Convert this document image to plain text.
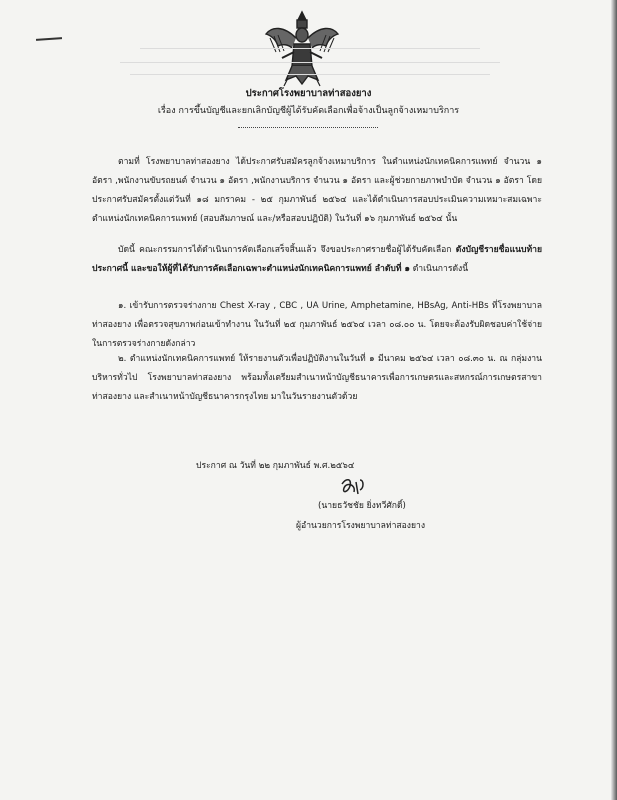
ประกาศโรงพยาบาลท่าสองยาง
เรื่อง การขึ้นบัญชีและยกเลิกบัญชีผู้ได้รับคัดเลือกเพื่อจ้างเป็นลูกจ้างเหมาบริการ
ตามที่ โรงพยาบาลท่าสองยาง ได้ประกาศรับสมัครลูกจ้างเหมาบริการ ในตำแหน่งนักเทคนิคการแพทย์ จำนวน ๑ อัตรา ,พนักงานขับรถยนต์ จำนวน ๑ อัตรา ,พนักงานบริการ จำนวน ๑ อัตรา และผู้ช่วยกายภาพบำบัด จำนวน ๑ อัตรา โดยประกาศรับสมัครตั้งแต่วันที่ ๑๘ มกราคม - ๒๕ กุมภาพันธ์ ๒๕๖๔ และได้ดำเนินการสอบประเมินความเหมาะสมเฉพาะตำแหน่งนักเทคนิคการแพทย์ (สอบสัมภาษณ์ และ/หรือสอบปฏิบัติ) ในวันที่ ๑๖ กุมภาพันธ์ ๒๕๖๔ นั้น
บัดนี้ คณะกรรมการได้ดำเนินการคัดเลือกเสร็จสิ้นแล้ว จึงขอประกาศรายชื่อผู้ได้รับคัดเลือก ดังบัญชีรายชื่อแนบท้ายประกาศนี้ และขอให้ผู้ที่ได้รับการคัดเลือกเฉพาะตำแหน่งนักเทคนิคการแพทย์ ลำดับที่ ๑ ดำเนินการดังนี้
๑. เข้ารับการตรวจร่างกาย Chest X-ray , CBC , UA Urine, Amphetamine, HBsAg, Anti-HBs ที่โรงพยาบาลท่าสองยาง เพื่อตรวจสุขภาพก่อนเข้าทำงาน ในวันที่ ๒๕ กุมภาพันธ์ ๒๕๖๔ เวลา ๐๘.๐๐ น. โดยจะต้องรับผิดชอบค่าใช้จ่ายในการตรวจร่างกายดังกล่าว
๒. ตำแหน่งนักเทคนิคการแพทย์ ให้รายงานตัวเพื่อปฏิบัติงานในวันที่ ๑ มีนาคม ๒๕๖๔ เวลา ๐๘.๓๐ น. ณ กลุ่มงานบริหารทั่วไป โรงพยาบาลท่าสองยาง พร้อมทั้งเตรียมสำเนาหน้าบัญชีธนาคารเพื่อการเกษตรและสหกรณ์การเกษตรสาขาท่าสองยาง และสำเนาหน้าบัญชีธนาคารกรุงไทย มาในวันรายงานตัวด้วย
ประกาศ ณ วันที่ ๒๒ กุมภาพันธ์ พ.ศ.๒๕๖๔
(นายธวัชชัย ยิ่งทวีศักดิ์)
ผู้อำนวยการโรงพยาบาลท่าสองยาง
